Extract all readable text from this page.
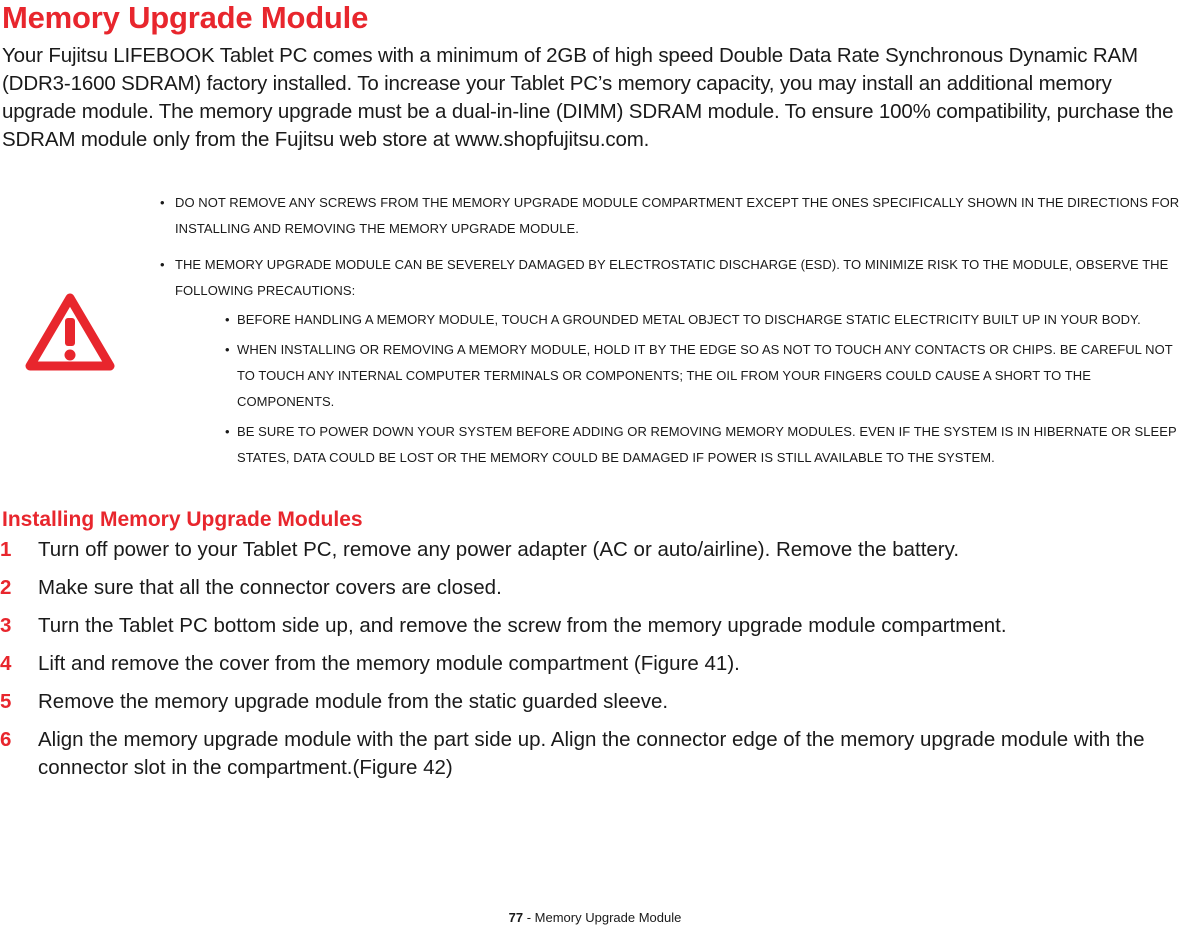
Memory Upgrade Module

Your Fujitsu LIFEBOOK Tablet PC comes with a minimum of 2GB of high speed Double Data Rate Synchronous Dynamic RAM (DDR3-1600 SDRAM) factory installed. To increase your Tablet PC’s memory capacity, you may install an additional memory upgrade module. The memory upgrade must be a dual-in-line (DIMM) SDRAM module. To ensure 100% compatibility, purchase the SDRAM module only from the Fujitsu web store at www.shopfujitsu.com.

• DO NOT REMOVE ANY SCREWS FROM THE MEMORY UPGRADE MODULE COMPARTMENT EXCEPT THE ONES SPECIFICALLY SHOWN IN THE DIRECTIONS FOR INSTALLING AND REMOVING THE MEMORY UPGRADE MODULE.
• THE MEMORY UPGRADE MODULE CAN BE SEVERELY DAMAGED BY ELECTROSTATIC DISCHARGE (ESD). TO MINIMIZE RISK TO THE MODULE, OBSERVE THE FOLLOWING PRECAUTIONS:
• BEFORE HANDLING A MEMORY MODULE, TOUCH A GROUNDED METAL OBJECT TO DISCHARGE STATIC ELECTRICITY BUILT UP IN YOUR BODY.
• WHEN INSTALLING OR REMOVING A MEMORY MODULE, HOLD IT BY THE EDGE SO AS NOT TO TOUCH ANY CONTACTS OR CHIPS. BE CAREFUL NOT TO TOUCH ANY INTERNAL COMPUTER TERMINALS OR COMPONENTS; THE OIL FROM YOUR FINGERS COULD CAUSE A SHORT TO THE COMPONENTS.
• BE SURE TO POWER DOWN YOUR SYSTEM BEFORE ADDING OR REMOVING MEMORY MODULES. EVEN IF THE SYSTEM IS IN HIBERNATE OR SLEEP STATES, DATA COULD BE LOST OR THE MEMORY COULD BE DAMAGED IF POWER IS STILL AVAILABLE TO THE SYSTEM.
Installing Memory Upgrade Modules
1	Turn off power to your Tablet PC, remove any power adapter (AC or auto/airline). Remove the battery.
2	Make sure that all the connector covers are closed.
3	Turn the Tablet PC bottom side up, and remove the screw from the memory upgrade module compartment.
4	Lift and remove the cover from the memory module compartment (Figure 41).
5	Remove the memory upgrade module from the static guarded sleeve.
6	Align the memory upgrade module with the part side up. Align the connector edge of the memory upgrade module with the connector slot in the compartment.(Figure 42)
77 - Memory Upgrade Module
